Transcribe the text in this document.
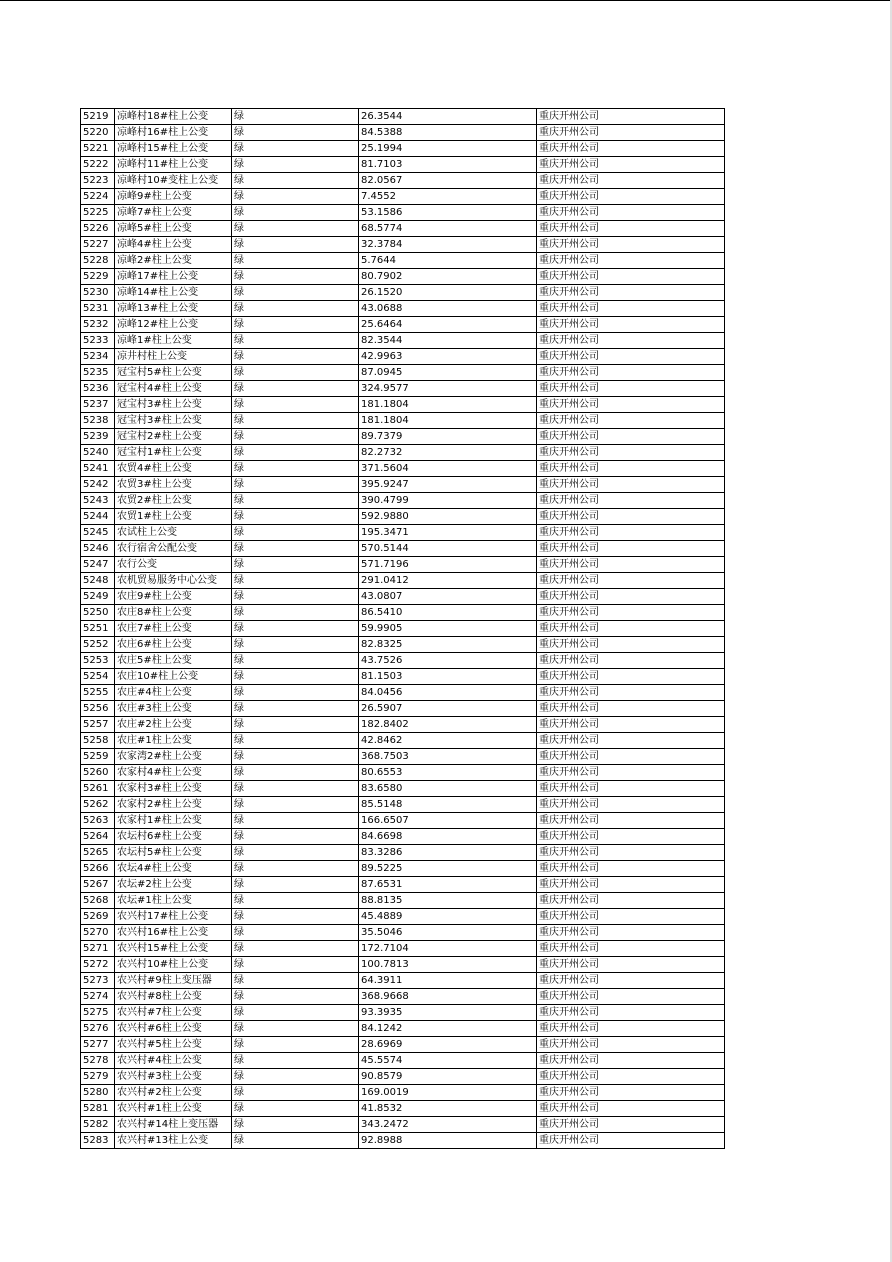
5219	凉峰村18#柱上公变	绿	26.3544	重庆开州公司
5220	凉峰村16#柱上公变	绿	84.5388	重庆开州公司
5221	凉峰村15#柱上公变	绿	25.1994	重庆开州公司
5222	凉峰村11#柱上公变	绿	81.7103	重庆开州公司
5223	凉峰村10#变柱上公变	绿	82.0567	重庆开州公司
5224	凉峰9#柱上公变	绿	7.4552	重庆开州公司
5225	凉峰7#柱上公变	绿	53.1586	重庆开州公司
5226	凉峰5#柱上公变	绿	68.5774	重庆开州公司
5227	凉峰4#柱上公变	绿	32.3784	重庆开州公司
5228	凉峰2#柱上公变	绿	5.7644	重庆开州公司
5229	凉峰17#柱上公变	绿	80.7902	重庆开州公司
5230	凉峰14#柱上公变	绿	26.1520	重庆开州公司
5231	凉峰13#柱上公变	绿	43.0688	重庆开州公司
5232	凉峰12#柱上公变	绿	25.6464	重庆开州公司
5233	凉峰1#柱上公变	绿	82.3544	重庆开州公司
5234	凉井村柱上公变	绿	42.9963	重庆开州公司
5235	冠宝村5#柱上公变	绿	87.0945	重庆开州公司
5236	冠宝村4#柱上公变	绿	324.9577	重庆开州公司
5237	冠宝村3#柱上公变	绿	181.1804	重庆开州公司
5238	冠宝村3#柱上公变	绿	181.1804	重庆开州公司
5239	冠宝村2#柱上公变	绿	89.7379	重庆开州公司
5240	冠宝村1#柱上公变	绿	82.2732	重庆开州公司
5241	农贸4#柱上公变	绿	371.5604	重庆开州公司
5242	农贸3#柱上公变	绿	395.9247	重庆开州公司
5243	农贸2#柱上公变	绿	390.4799	重庆开州公司
5244	农贸1#柱上公变	绿	592.9880	重庆开州公司
5245	农试柱上公变	绿	195.3471	重庆开州公司
5246	农行宿舍公配公变	绿	570.5144	重庆开州公司
5247	农行公变	绿	571.7196	重庆开州公司
5248	农机贸易服务中心公变	绿	291.0412	重庆开州公司
5249	农庄9#柱上公变	绿	43.0807	重庆开州公司
5250	农庄8#柱上公变	绿	86.5410	重庆开州公司
5251	农庄7#柱上公变	绿	59.9905	重庆开州公司
5252	农庄6#柱上公变	绿	82.8325	重庆开州公司
5253	农庄5#柱上公变	绿	43.7526	重庆开州公司
5254	农庄10#柱上公变	绿	81.1503	重庆开州公司
5255	农庄#4柱上公变	绿	84.0456	重庆开州公司
5256	农庄#3柱上公变	绿	26.5907	重庆开州公司
5257	农庄#2柱上公变	绿	182.8402	重庆开州公司
5258	农庄#1柱上公变	绿	42.8462	重庆开州公司
5259	农家湾2#柱上公变	绿	368.7503	重庆开州公司
5260	农家村4#柱上公变	绿	80.6553	重庆开州公司
5261	农家村3#柱上公变	绿	83.6580	重庆开州公司
5262	农家村2#柱上公变	绿	85.5148	重庆开州公司
5263	农家村1#柱上公变	绿	166.6507	重庆开州公司
5264	农坛村6#柱上公变	绿	84.6698	重庆开州公司
5265	农坛村5#柱上公变	绿	83.3286	重庆开州公司
5266	农坛4#柱上公变	绿	89.5225	重庆开州公司
5267	农坛#2柱上公变	绿	87.6531	重庆开州公司
5268	农坛#1柱上公变	绿	88.8135	重庆开州公司
5269	农兴村17#柱上公变	绿	45.4889	重庆开州公司
5270	农兴村16#柱上公变	绿	35.5046	重庆开州公司
5271	农兴村15#柱上公变	绿	172.7104	重庆开州公司
5272	农兴村10#柱上公变	绿	100.7813	重庆开州公司
5273	农兴村#9柱上变压器	绿	64.3911	重庆开州公司
5274	农兴村#8柱上公变	绿	368.9668	重庆开州公司
5275	农兴村#7柱上公变	绿	93.3935	重庆开州公司
5276	农兴村#6柱上公变	绿	84.1242	重庆开州公司
5277	农兴村#5柱上公变	绿	28.6969	重庆开州公司
5278	农兴村#4柱上公变	绿	45.5574	重庆开州公司
5279	农兴村#3柱上公变	绿	90.8579	重庆开州公司
5280	农兴村#2柱上公变	绿	169.0019	重庆开州公司
5281	农兴村#1柱上公变	绿	41.8532	重庆开州公司
5282	农兴村#14柱上变压器	绿	343.2472	重庆开州公司
5283	农兴村#13柱上公变	绿	92.8988	重庆开州公司
